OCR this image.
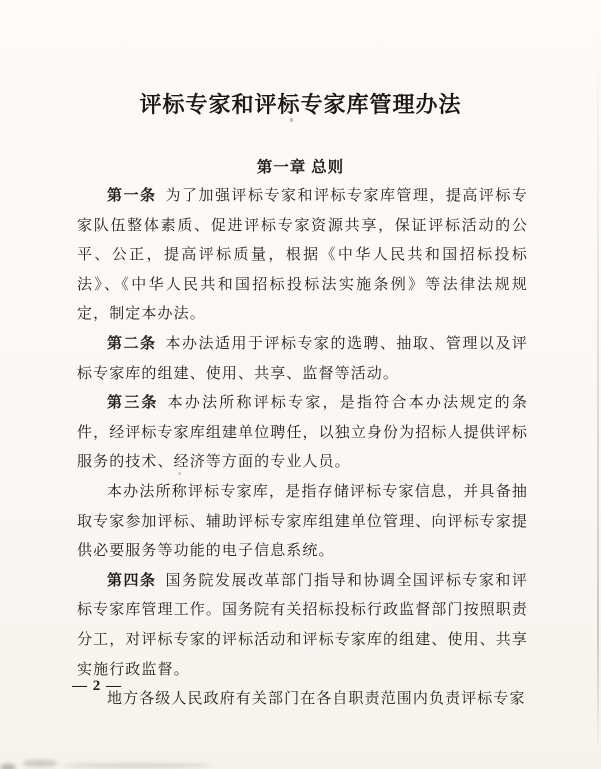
评标专家和评标专家库管理办法
第一章 总则

第一条 为了加强评标专家和评标专家库管理，提高评标专家队伍整体素质、促进评标专家资源共享，保证评标活动的公平、公正，提高评标质量，根据《中华人民共和国招标投标法》、《中华人民共和国招标投标法实施条例》等法律法规规定，制定本办法。

第二条 本办法适用于评标专家的选聘、抽取、管理以及评标专家库的组建、使用、共享、监督等活动。

第三条 本办法所称评标专家，是指符合本办法规定的条件，经评标专家库组建单位聘任，以独立身份为招标人提供评标服务的技术、经济等方面的专业人员。

本办法所称评标专家库，是指存储评标专家信息，并具备抽取专家参加评标、辅助评标专家库组建单位管理、向评标专家提供必要服务等功能的电子信息系统。

第四条 国务院发展改革部门指导和协调全国评标专家和评标专家库管理工作。国务院有关招标投标行政监督部门按照职责分工，对评标专家的评标活动和评标专家库的组建、使用、共享实施行政监督。

地方各级人民政府有关部门在各自职责范围内负责评标专家

— 2 —
